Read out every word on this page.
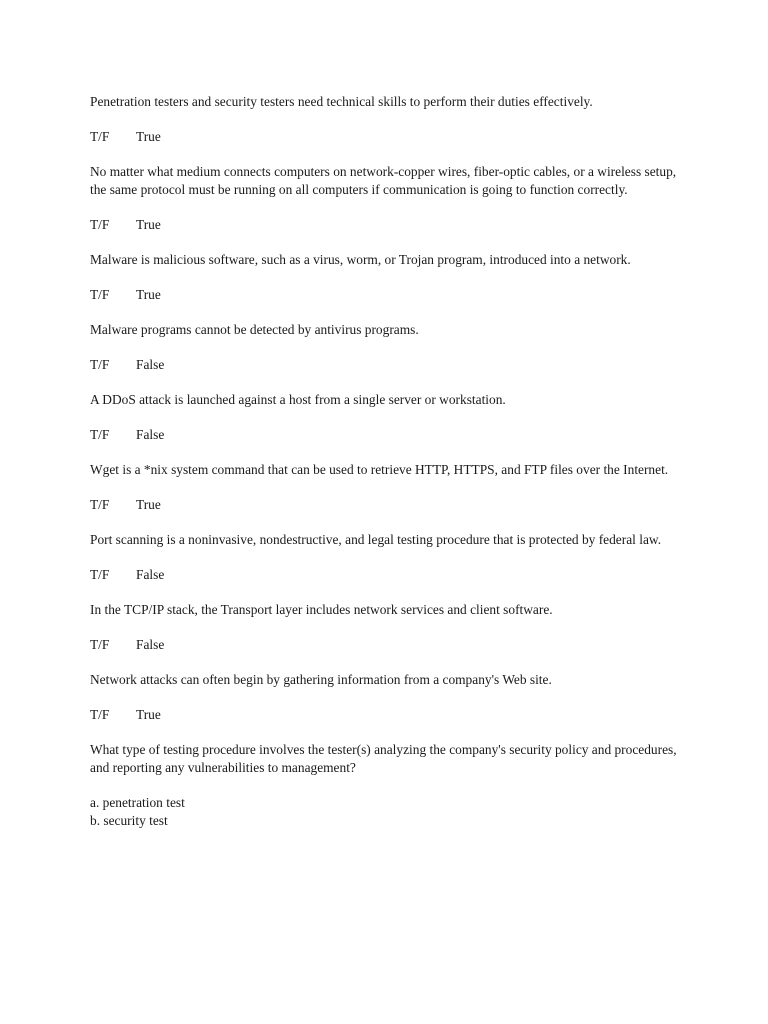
Penetration testers and security testers need technical skills to perform their duties effectively.

T/F	True

No matter what medium connects computers on network-copper wires, fiber-optic cables, or a wireless setup, the same protocol must be running on all computers if communication is going to function correctly.

T/F	True

Malware is malicious software, such as a virus, worm, or Trojan program, introduced into a network.

T/F	True

Malware programs cannot be detected by antivirus programs.

T/F	False

A DDoS attack is launched against a host from a single server or workstation.

T/F	False

Wget is a *nix system command that can be used to retrieve HTTP, HTTPS, and FTP files over the Internet.

T/F	True

Port scanning is a noninvasive, nondestructive, and legal testing procedure that is protected by federal law.

T/F	False

In the TCP/IP stack, the Transport layer includes network services and client software.

T/F	False

Network attacks can often begin by gathering information from a company's Web site.

T/F	True

What type of testing procedure involves the tester(s) analyzing the company's security policy and procedures, and reporting any vulnerabilities to management?

a. penetration test
b. security test
